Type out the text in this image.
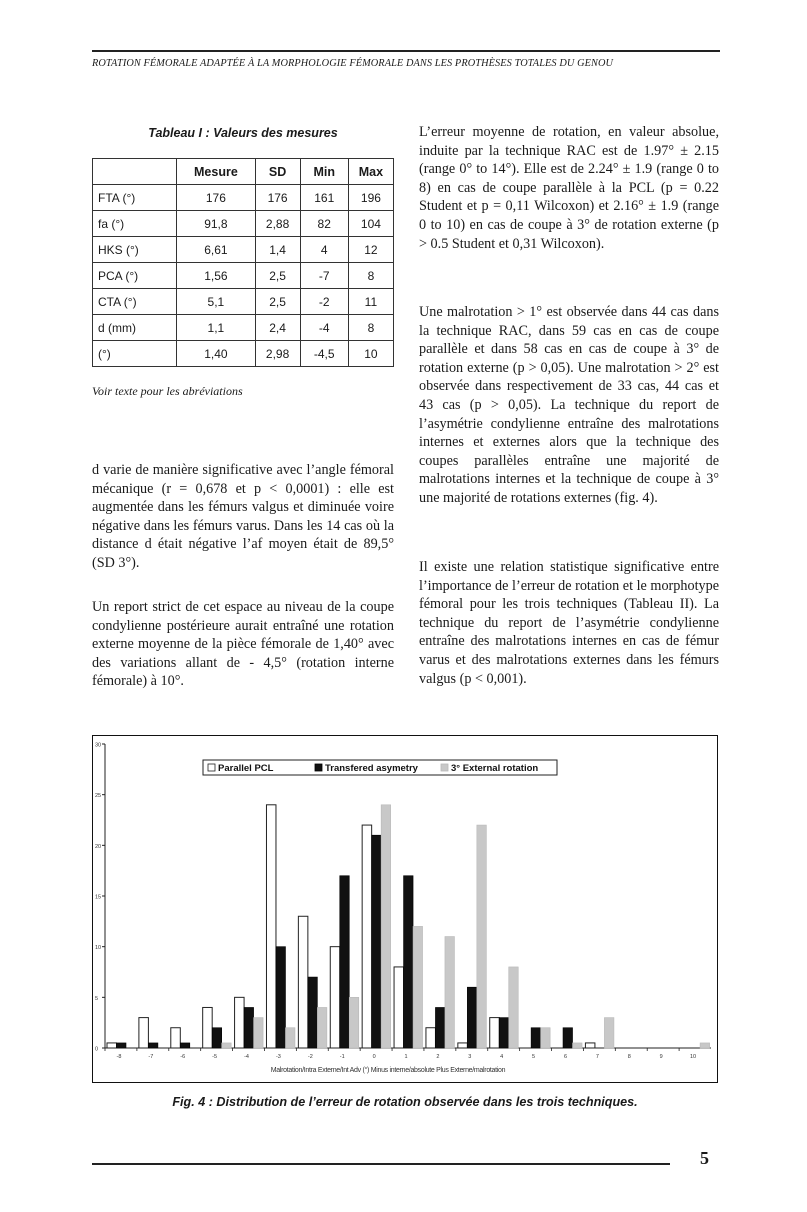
ROTATION FÉMORALE ADAPTÉE À LA MORPHOLOGIE FÉMORALE DANS LES PROTHÈSES TOTALES DU GENOU
Tableau I : Valeurs des mesures
	Mesure	SD	Min	Max
FTA (°)	176	176	161	196
fa (°)	91,8	2,88	82	104
HKS (°)	6,61	1,4	4	12
PCA (°)	1,56	2,5	-7	8
CTA (°)	5,1	2,5	-2	11
d (mm)	1,1	2,4	-4	8
(°)	1,40	2,98	-4,5	10
Voir texte pour les abréviations

d varie de manière significative avec l’angle fémoral mécanique (r = 0,678 et p < 0,0001) : elle est augmentée dans les fémurs valgus et diminuée voire négative dans les fémurs varus. Dans les 14 cas où la distance d était négative l’af moyen était de 89,5° (SD 3°).

Un report strict de cet espace au niveau de la coupe condylienne postérieure aurait entraîné une rotation externe moyenne de la pièce fémorale de 1,40° avec des variations allant de - 4,5° (rotation interne fémorale) à 10°.

L’erreur moyenne de rotation, en valeur absolue, induite par la technique RAC est de 1.97° ± 2.15 (range 0° to 14°). Elle est de 2.24° ± 1.9 (range 0 to 8) en cas de coupe parallèle à la PCL (p = 0.22 Student et p = 0,11 Wilcoxon) et 2.16° ± 1.9 (range 0 to 10) en cas de coupe à 3° de rotation externe (p > 0.5 Student et 0,31 Wilcoxon).

Une malrotation > 1° est observée dans 44 cas dans la technique RAC, dans 59 cas en cas de coupe parallèle et dans 58 cas en cas de coupe à 3° de rotation externe (p > 0,05). Une malrotation > 2° est observée dans respectivement de 33 cas, 44 cas et 43 cas (p > 0,05). La technique du report de l’asymétrie condylienne entraîne des malrotations internes et externes alors que la technique des coupes parallèles entraîne une majorité de malrotations internes et la technique de coupe à 3° une majorité de rotations externes (fig. 4).

Il existe une relation statistique significative entre l’importance de l’erreur de rotation et le morphotype fémoral pour les trois techniques (Tableau II). La technique du report de l’asymétrie condylienne entraîne des malrotations internes en cas de fémur varus et des malrotations externes dans les fémurs valgus (p < 0,001).

0
5
10
15
20
25
30
-8	-7	-6	-5	-4	-3	-2	-1	0	1	2	3	4	5	6	7	8	9	10
Malrotation/Intra Externe/Int Adv (°) Minus interne/absolute Plus Externe/malrotation
Parallel PCL	Transfered asymetry	3° External rotation
Fig. 4 : Distribution de l’erreur de rotation observée dans les trois techniques.
5
